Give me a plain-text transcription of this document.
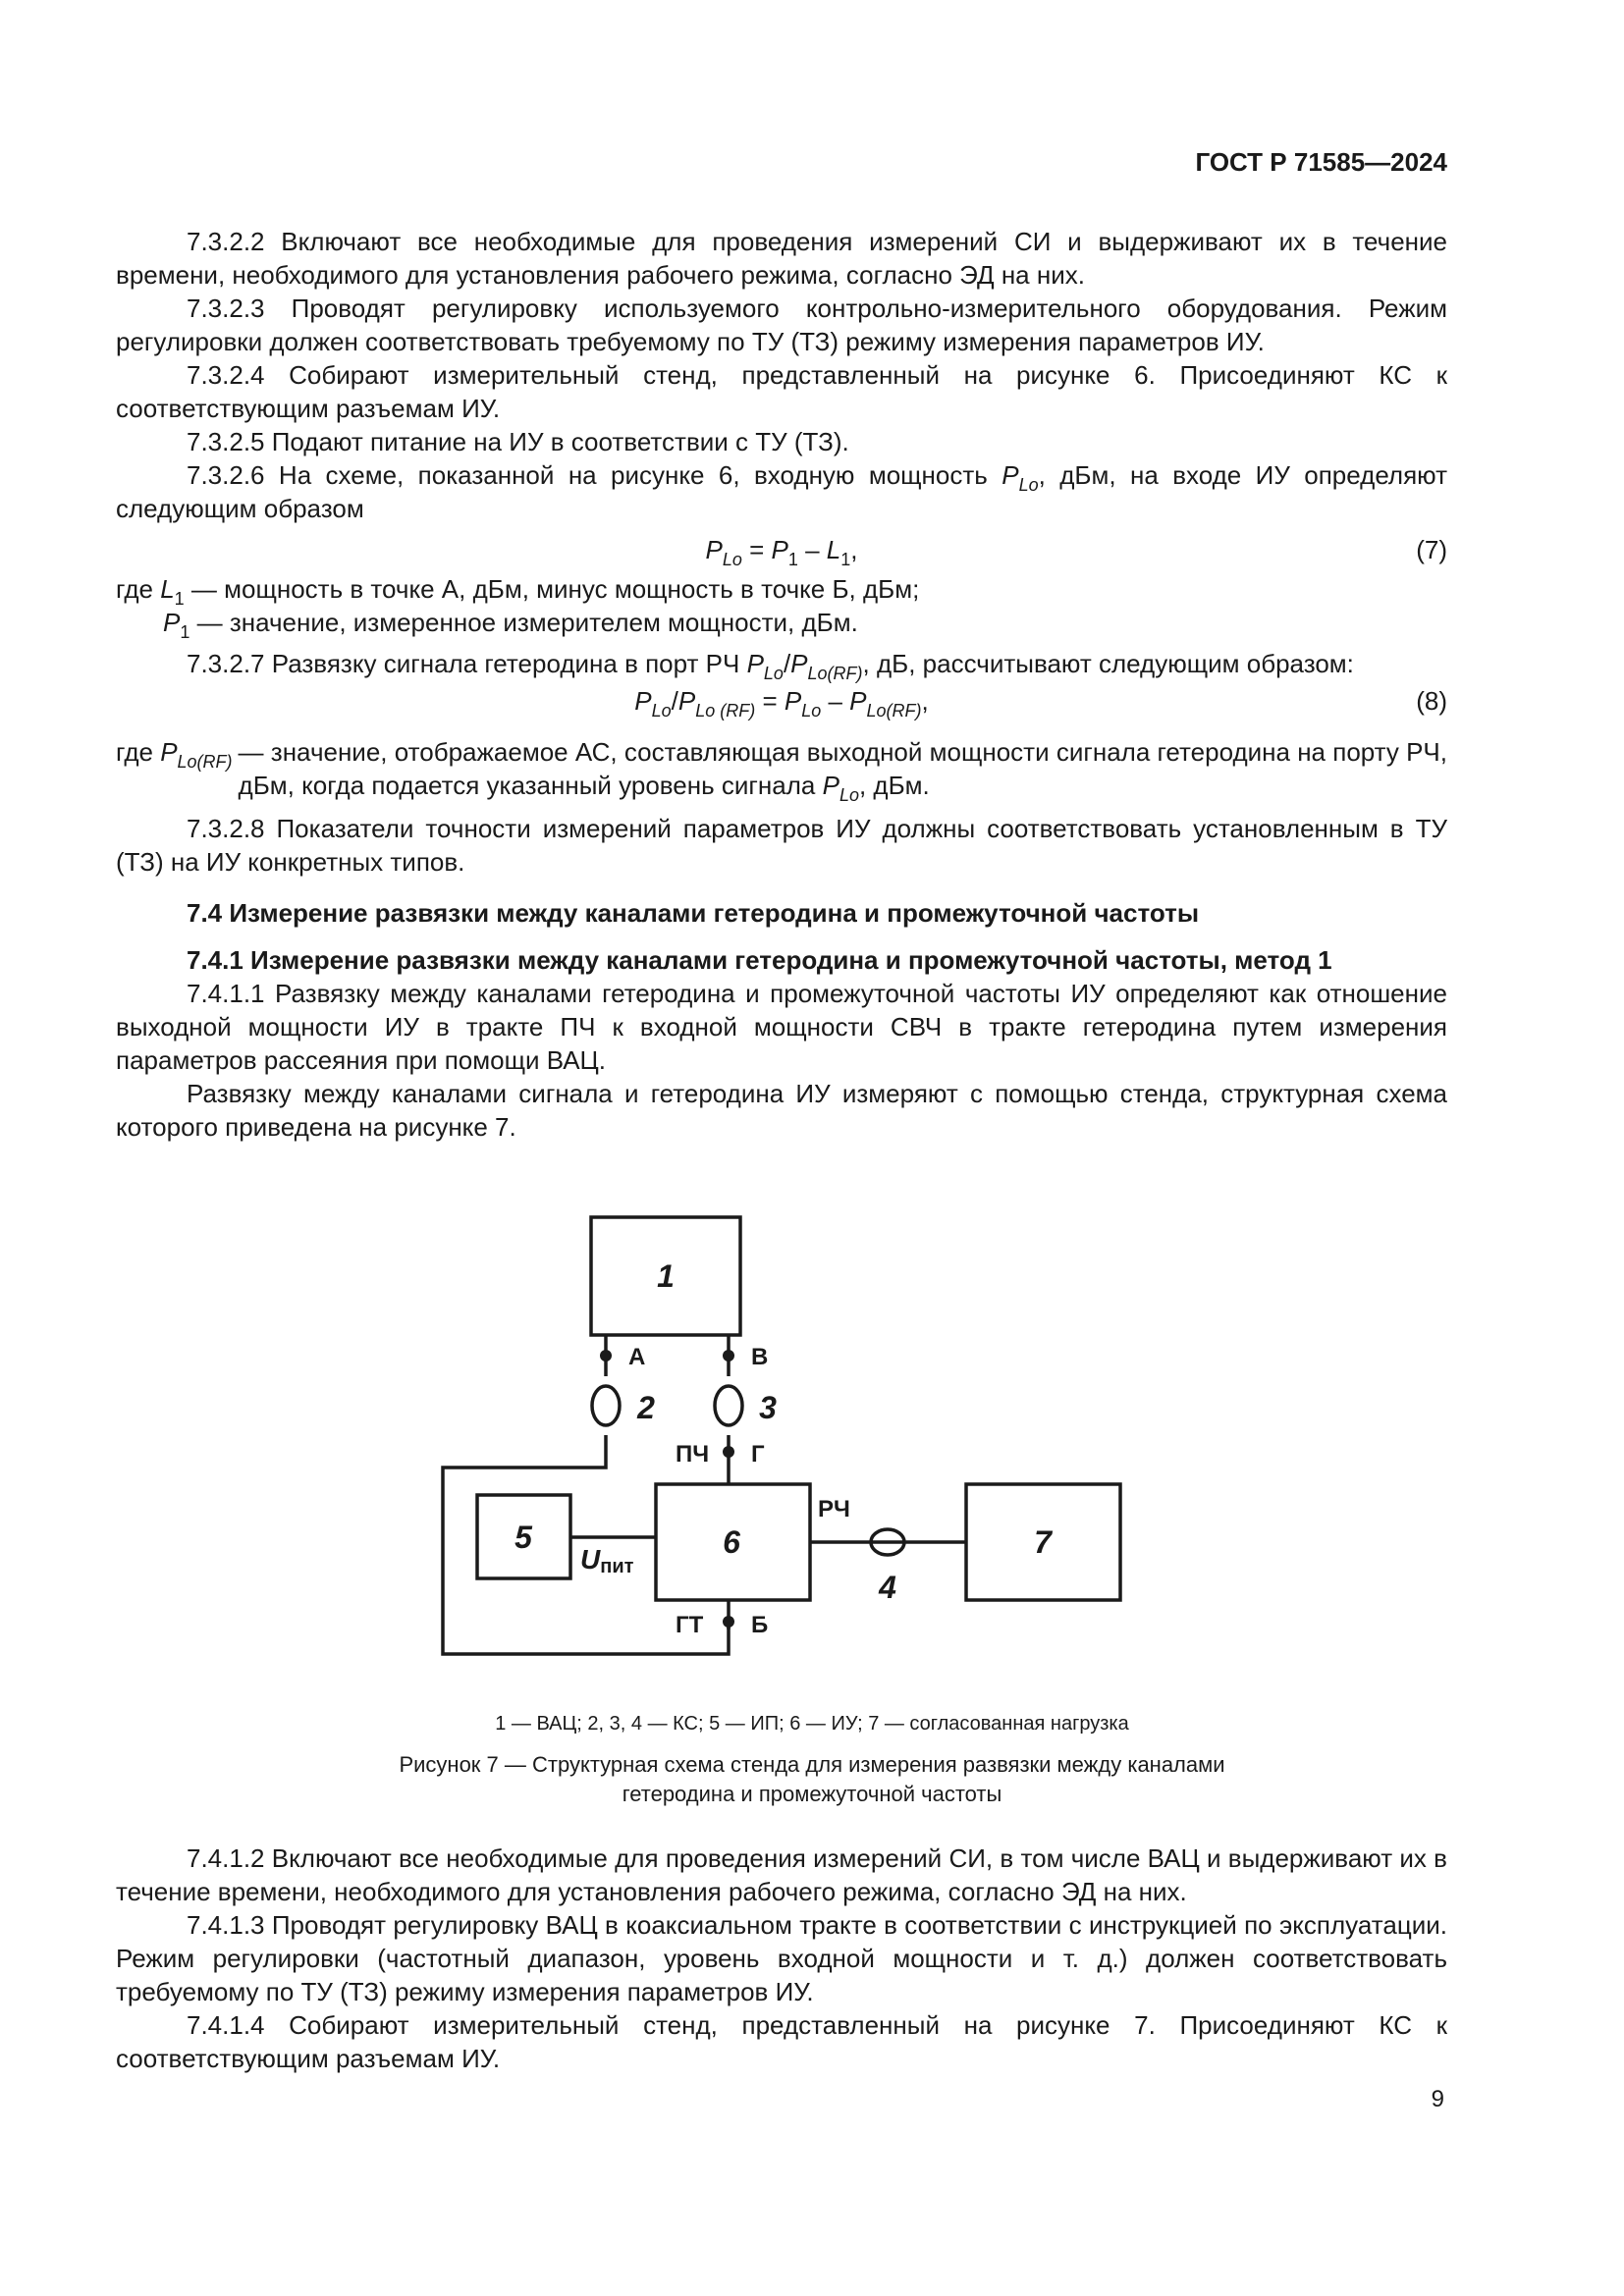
ГОСТ Р 71585—2024

7.3.2.2 Включают все необходимые для проведения измерений СИ и выдерживают их в течение времени, необходимого для установления рабочего режима, согласно ЭД на них.

7.3.2.3 Проводят регулировку используемого контрольно-измерительного оборудования. Режим регулировки должен соответствовать требуемому по ТУ (ТЗ) режиму измерения параметров ИУ.

7.3.2.4 Собирают измерительный стенд, представленный на рисунке 6. Присоединяют КС к соответствующим разъемам ИУ.

7.3.2.5 Подают питание на ИУ в соответствии с ТУ (ТЗ).

7.3.2.6 На схеме, показанной на рисунке 6, входную мощность $P_{Lo}$, дБм, на входе ИУ определяют следующим образом

$P_{Lo} = P_1 - L_1$,	(7)
где $L_1$ — мощность в точке А, дБм, минус мощность в точке Б, дБм;
$P_1$ — значение, измеренное измерителем мощности, дБм.

7.3.2.7 Развязку сигнала гетеродина в порт РЧ $P_{Lo}/P_{Lo(RF)}$, дБ, рассчитывают следующим образом:

$P_{Lo}/P_{Lo (RF)} = P_{Lo} - P_{Lo(RF)}$,	(8)
где $P_{Lo(RF)}$ — значение, отображаемое АС, составляющая выходной мощности сигнала гетеродина на порту РЧ, дБм, когда подается указанный уровень сигнала $P_{Lo}$, дБм.

7.3.2.8 Показатели точности измерений параметров ИУ должны соответствовать установленным в ТУ (ТЗ) на ИУ конкретных типов.

7.4 Измерение развязки между каналами гетеродина и промежуточной частоты

7.4.1 Измерение развязки между каналами гетеродина и промежуточной частоты, метод 1

7.4.1.1 Развязку между каналами гетеродина и промежуточной частоты ИУ определяют как отношение выходной мощности ИУ в тракте ПЧ к входной мощности СВЧ в тракте гетеродина путем измерения параметров рассеяния при помощи ВАЦ.

Развязку между каналами сигнала и гетеродина ИУ измеряют с помощью стенда, структурная схема которого приведена на рисунке 7.

1
5	6	7
2	3
4
А	В
Г
Б
ПЧ
РЧ
ГТ
Uпит
1 — ВАЦ; 2, 3, 4 — КС; 5 — ИП; 6 — ИУ; 7 — согласованная нагрузка
Рисунок 7 — Структурная схема стенда для измерения развязки между каналами
гетеродина и промежуточной частоты

7.4.1.2 Включают все необходимые для проведения измерений СИ, в том числе ВАЦ и выдерживают их в течение времени, необходимого для установления рабочего режима, согласно ЭД на них.

7.4.1.3 Проводят регулировку ВАЦ в коаксиальном тракте в соответствии с инструкцией по эксплуатации. Режим регулировки (частотный диапазон, уровень входной мощности и т. д.) должен соответствовать требуемому по ТУ (ТЗ) режиму измерения параметров ИУ.

7.4.1.4 Собирают измерительный стенд, представленный на рисунке 7. Присоединяют КС к соответствующим разъемам ИУ.

9
